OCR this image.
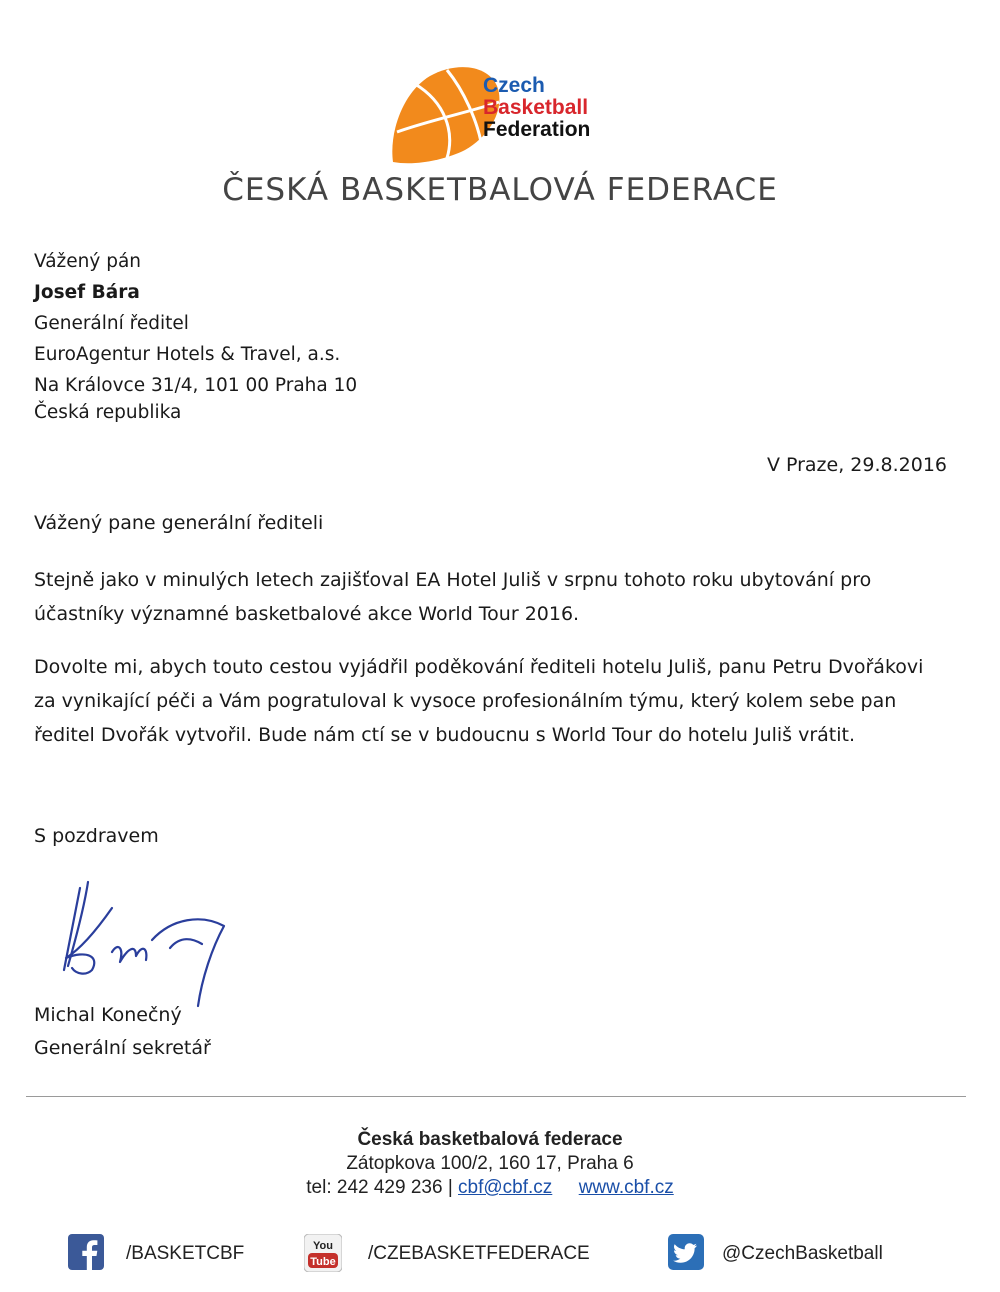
Czech
Basketball
Federation
ČESKÁ BASKETBALOVÁ FEDERACE
Vážený pán
Josef Bára
Generální ředitel
EuroAgentur Hotels & Travel, a.s.
Na Královce 31/4, 101 00 Praha 10
Česká republika
V Praze, 29.8.2016
Vážený pane generální řediteli
Stejně jako v minulých letech zajišťoval EA Hotel Juliš v srpnu tohoto roku ubytování pro účastníky významné basketbalové akce World Tour 2016.
Dovolte mi, abych touto cestou vyjádřil poděkování řediteli hotelu Juliš, panu Petru Dvořákovi za vynikající péči a Vám pogratuloval k vysoce profesionálním týmu, který kolem sebe pan ředitel Dvořák vytvořil. Bude nám ctí se v budoucnu s World Tour do hotelu Juliš vrátit.
S pozdravem
Michal Konečný
Generální sekretář
Česká basketbalová federace
Zátopkova 100/2, 160 17, Praha 6
tel: 242 429 236 | cbf@cbf.cz www.cbf.cz
/BASKETCBF	You
Tube /CZEBASKETFEDERACE	@CzechBasketball
